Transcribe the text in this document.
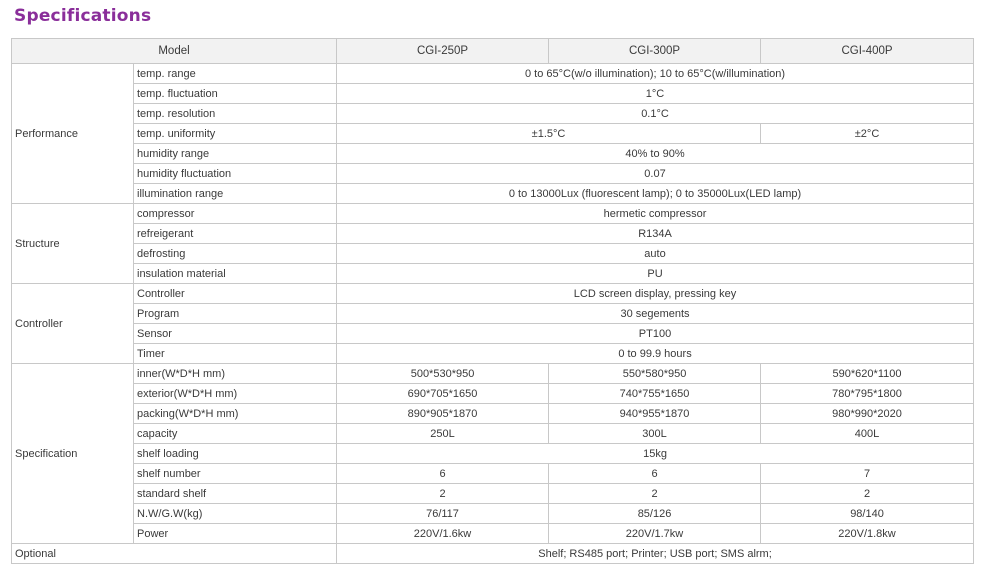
Specifications
Model		CGI-250P	CGI-300P	CGI-400P
Performance	temp. range	0 to 65°C(w/o illumination); 10 to 65°C(w/illumination)		
	temp. fluctuation	1°C		
	temp. resolution	0.1°C		
	temp. uniformity	±1.5°C		±2°C
	humidity range	40% to 90%		
	humidity fluctuation	0.07		
	illumination range	0 to 13000Lux (fluorescent lamp); 0 to 35000Lux(LED lamp)		
Structure	compressor	hermetic compressor		
	refreigerant	R134A		
	defrosting	auto		
	insulation material	PU		
Controller	Controller	LCD screen display, pressing key		
	Program	30 segements		
	Sensor	PT100		
	Timer	0 to 99.9 hours		
Specification	inner(W*D*H mm)	500*530*950	550*580*950	590*620*1100
	exterior(W*D*H mm)	690*705*1650	740*755*1650	780*795*1800
	packing(W*D*H mm)	890*905*1870	940*955*1870	980*990*2020
	capacity	250L	300L	400L
	shelf loading	15kg		
	shelf number	6	6	7
	standard shelf	2	2	2
	N.W/G.W(kg)	76/117	85/126	98/140
	Power	220V/1.6kw	220V/1.7kw	220V/1.8kw
Optional		Shelf; RS485 port; Printer; USB port; SMS alrm;		
